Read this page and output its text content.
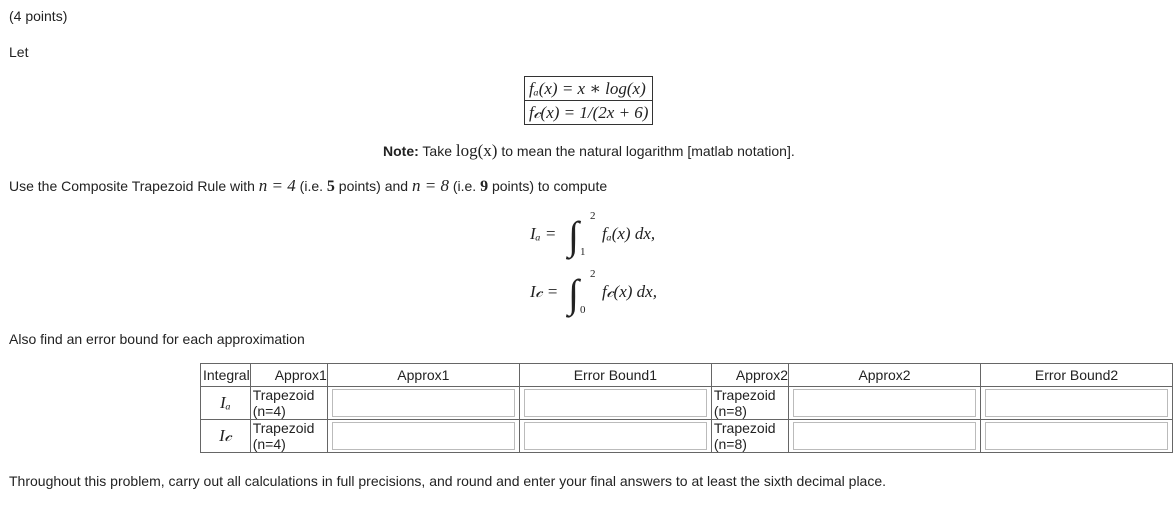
(4 points)
Let
fₐ(x) = x ∗ log(x)
f𝒸(x) = 1/(2x + 6)
Note: Take log(x) to mean the natural logarithm [matlab notation].
Use the Composite Trapezoid Rule with n = 4 (i.e. 5 points) and n = 8 (i.e. 9 points) to compute
Iₐ = ∫ 2
1
fₐ(x) dx,
I𝒸 = ∫ 2
0
f𝒸(x) dx,
Also find an error bound for each approximation
Integral	Approx1	Approx1	Error Bound1	Approx2	Approx2	Error Bound2
Iₐ	Trapezoid (n=4)			Trapezoid (n=8)	

I𝒸	Trapezoid (n=4)			Trapezoid (n=8)	

Throughout this problem, carry out all calculations in full precisions, and round and enter your final answers to at least the sixth decimal place.
